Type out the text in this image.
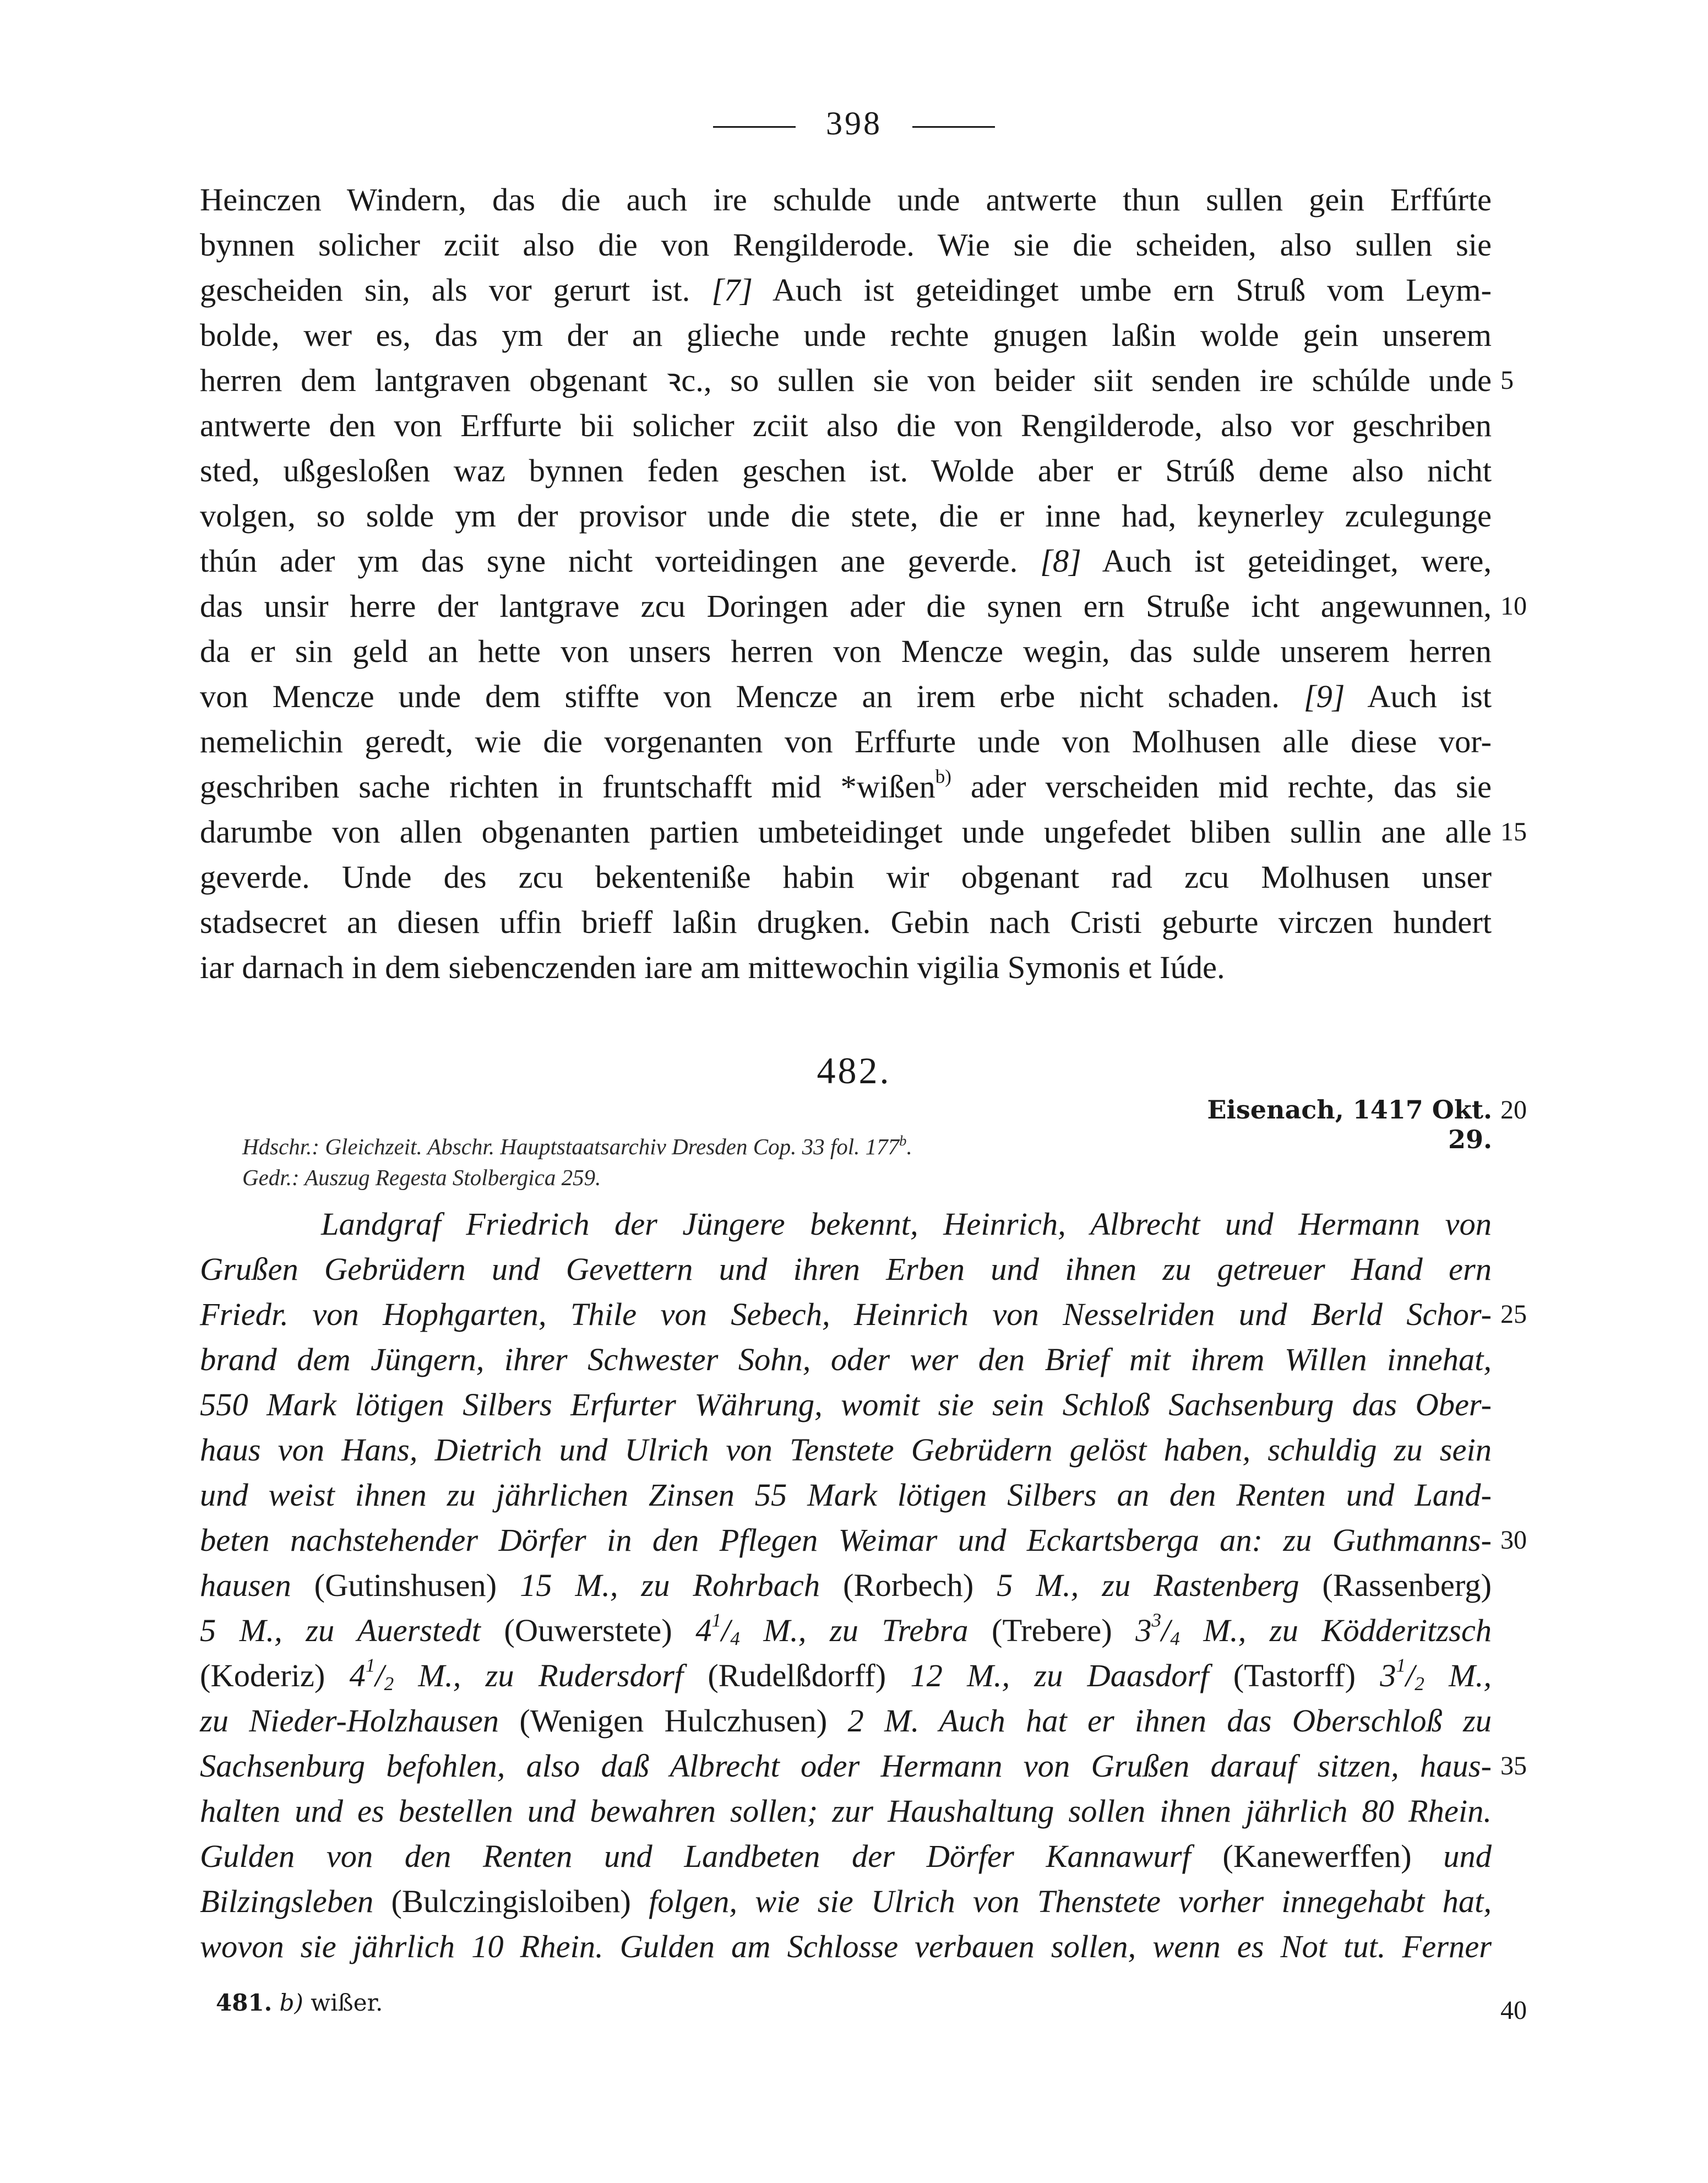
398
Heinczen Windern, das die auch ire schulde unde antwerte thun sullen gein Erffúrte
bynnen solicher zciit also die von Rengilderode. Wie sie die scheiden, also sullen sie
gescheiden sin, als vor gerurt ist. [7] Auch ist geteidinget umbe ern Struß vom Leym-
bolde, wer es, das ym der an glieche unde rechte gnugen laßin wolde gein unserem
herren dem lantgraven obgenant ꝛc., so sullen sie von beider siit senden ire schúlde unde
antwerte den von Erffurte bii solicher zciit also die von Rengilderode, also vor geschriben
sted, ußgesloßen waz bynnen feden geschen ist. Wolde aber er Strúß deme also nicht
volgen, so solde ym der provisor unde die stete, die er inne had, keynerley zculegunge
thún ader ym das syne nicht vorteidingen ane geverde. [8] Auch ist geteidinget, were,
das unsir herre der lantgrave zcu Doringen ader die synen ern Struße icht angewunnen,
da er sin geld an hette von unsers herren von Mencze wegin, das sulde unserem herren
von Mencze unde dem stiffte von Mencze an irem erbe nicht schaden. [9] Auch ist
nemelichin geredt, wie die vorgenanten von Erffurte unde von Molhusen alle diese vor-
geschriben sache richten in fruntschafft mid *wißen$^{b)}$ ader verscheiden mid rechte, das sie
darumbe von allen obgenanten partien umbeteidinget unde ungefedet bliben sullin ane alle
geverde. Unde des zcu bekenteniße habin wir obgenant rad zcu Molhusen unser
stadsecret an diesen uffin brieff laßin drugken. Gebin nach Cristi geburte virczen hundert
iar darnach in dem siebenczenden iare am mittewochin vigilia Symonis et Iúde.
482.
Eisenach, 1417 Okt. 29.
Hdschr.: Gleichzeit. Abschr. Hauptstaatsarchiv Dresden Cop. 33 fol. 177$^b$.
Gedr.: Auszug Regesta Stolbergica 259.
Landgraf Friedrich der Jüngere bekennt, Heinrich, Albrecht und Hermann von
Grußen Gebrüdern und Gevettern und ihren Erben und ihnen zu getreuer Hand ern
Friedr. von Hophgarten, Thile von Sebech, Heinrich von Nesselriden und Berld Schor-
brand dem Jüngern, ihrer Schwester Sohn, oder wer den Brief mit ihrem Willen innehat,
550 Mark lötigen Silbers Erfurter Währung, womit sie sein Schloß Sachsenburg das Ober-
haus von Hans, Dietrich und Ulrich von Tenstete Gebrüdern gelöst haben, schuldig zu sein
und weist ihnen zu jährlichen Zinsen 55 Mark lötigen Silbers an den Renten und Land-
beten nachstehender Dörfer in den Pflegen Weimar und Eckartsberga an: zu Guthmanns-
hausen (Gutinshusen) 15 M., zu Rohrbach (Rorbech) 5 M., zu Rastenberg (Rassenberg)
5 M., zu Auerstedt (Ouwerstete) $4^1/_4$ M., zu Trebra (Trebere) $3^3/_4$ M., zu Ködderitzsch
(Koderiz) $4^1/_2$ M., zu Rudersdorf (Rudelßdorff) 12 M., zu Daasdorf (Tastorff) $3^1/_2$ M.,
zu Nieder-Holzhausen (Wenigen Hulczhusen) 2 M. Auch hat er ihnen das Oberschloß zu
Sachsenburg befohlen, also daß Albrecht oder Hermann von Grußen darauf sitzen, haus-
halten und es bestellen und bewahren sollen; zur Haushaltung sollen ihnen jährlich 80 Rhein.
Gulden von den Renten und Landbeten der Dörfer Kannawurf (Kanewerffen) und
Bilzingsleben (Bulczingisloiben) folgen, wie sie Ulrich von Thenstete vorher innegehabt hat,
wovon sie jährlich 10 Rhein. Gulden am Schlosse verbauen sollen, wenn es Not tut. Ferner
5
10
15
20
25
30
35
40
481. b) wißer.
